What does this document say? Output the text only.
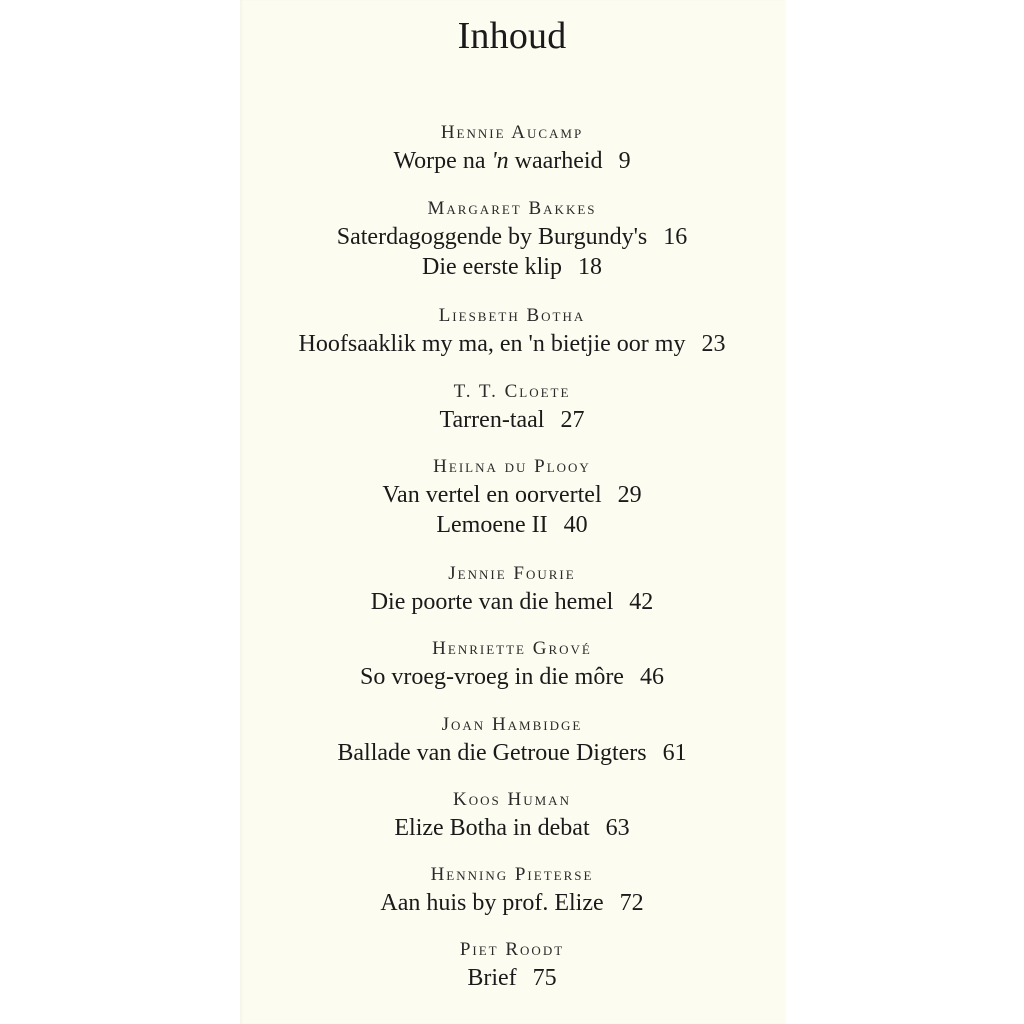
Inhoud
Hennie Aucamp
Worpe na 'n waarheid 9
Margaret Bakkes
Saterdagoggende by Burgundy's 16
Die eerste klip 18
Liesbeth Botha
Hoofsaaklik my ma, en 'n bietjie oor my 23
T. T. Cloete
Tarren-taal 27
Heilna du Plooy
Van vertel en oorvertel 29
Lemoene II 40
Jennie Fourie
Die poorte van die hemel 42
Henriette Grové
So vroeg-vroeg in die môre 46
Joan Hambidge
Ballade van die Getroue Digters 61
Koos Human
Elize Botha in debat 63
Henning Pieterse
Aan huis by prof. Elize 72
Piet Roodt
Brief 75
